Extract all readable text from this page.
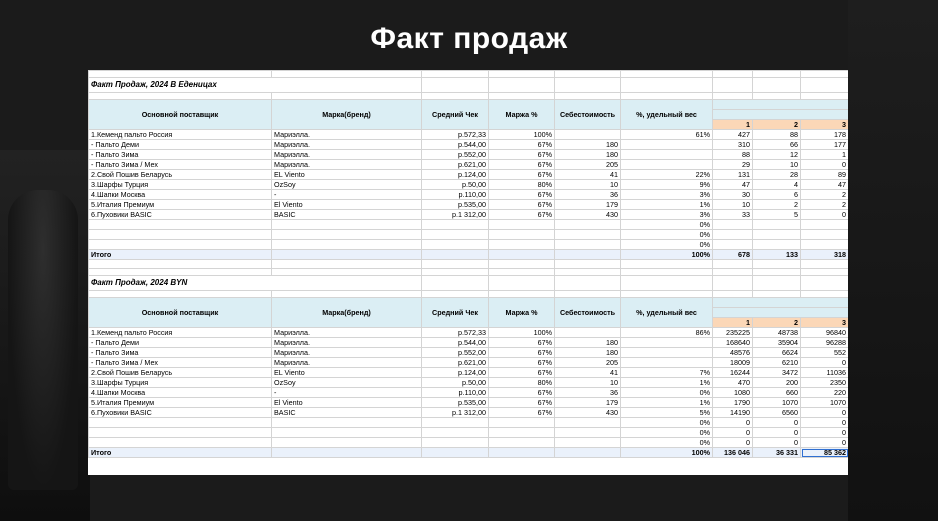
Факт продаж

Факт Продаж, 2024 В Еденицах								

Основной поставщик	Марка(бренд)	Средний Чек	Маржа %	Себестоимость	%, удельный вес			

						1	2	3
1.Кеменд пальто Россия	Мариэлла.	р.572,33	100%		61%	427	88	178
- Пальто Деми	Мариэлла.	р.544,00	67%	180		310	66	177
- Пальто Зима	Мариэлла.	р.552,00	67%	180		88	12	1
- Пальто Зима / Мех	Мариэлла.	р.621,00	67%	205		29	10	0
2.Свой Пошив Беларусь	EL Viento	р.124,00	67%	41	22%	131	28	89
3.Шарфы Турция	OzSoy	р.50,00	80%	10	9%	47	4	47
4.Шапки Москва	-	р.110,00	67%	36	3%	30	6	2
5.Италия Премиум	El Viento	р.535,00	67%	179	1%	10	2	2
6.Пуховики BASIC	BASIC	р.1 312,00	67%	430	3%	33	5	0
					0%			
					0%			
					0%			
Итого					100%	678	133	318

Факт Продаж, 2024 BYN								

Основной поставщик	Марка(бренд)	Средний Чек	Маржа %	Себестоимость	%, удельный вес			

						1	2	3
1.Кеменд пальто Россия	Мариэлла.	р.572,33	100%		86%	235225	48738	96840
- Пальто Деми	Мариэлла.	р.544,00	67%	180		168640	35904	96288
- Пальто Зима	Мариэлла.	р.552,00	67%	180		48576	6624	552
- Пальто Зима / Мех	Мариэлла.	р.621,00	67%	205		18009	6210	0
2.Свой Пошив Беларусь	EL Viento	р.124,00	67%	41	7%	16244	3472	11036
3.Шарфы Турция	OzSoy	р.50,00	80%	10	1%	470	200	2350
4.Шапки Москва	-	р.110,00	67%	36	0%	1080	660	220
5.Италия Премиум	El Viento	р.535,00	67%	179	1%	1790	1070	1070
6.Пуховики BASIC	BASIC	р.1 312,00	67%	430	5%	14190	6560	0
					0%	0	0	0
					0%	0	0	0
					0%	0	0	0
Итого					100%	136 046	36 331	85 362
